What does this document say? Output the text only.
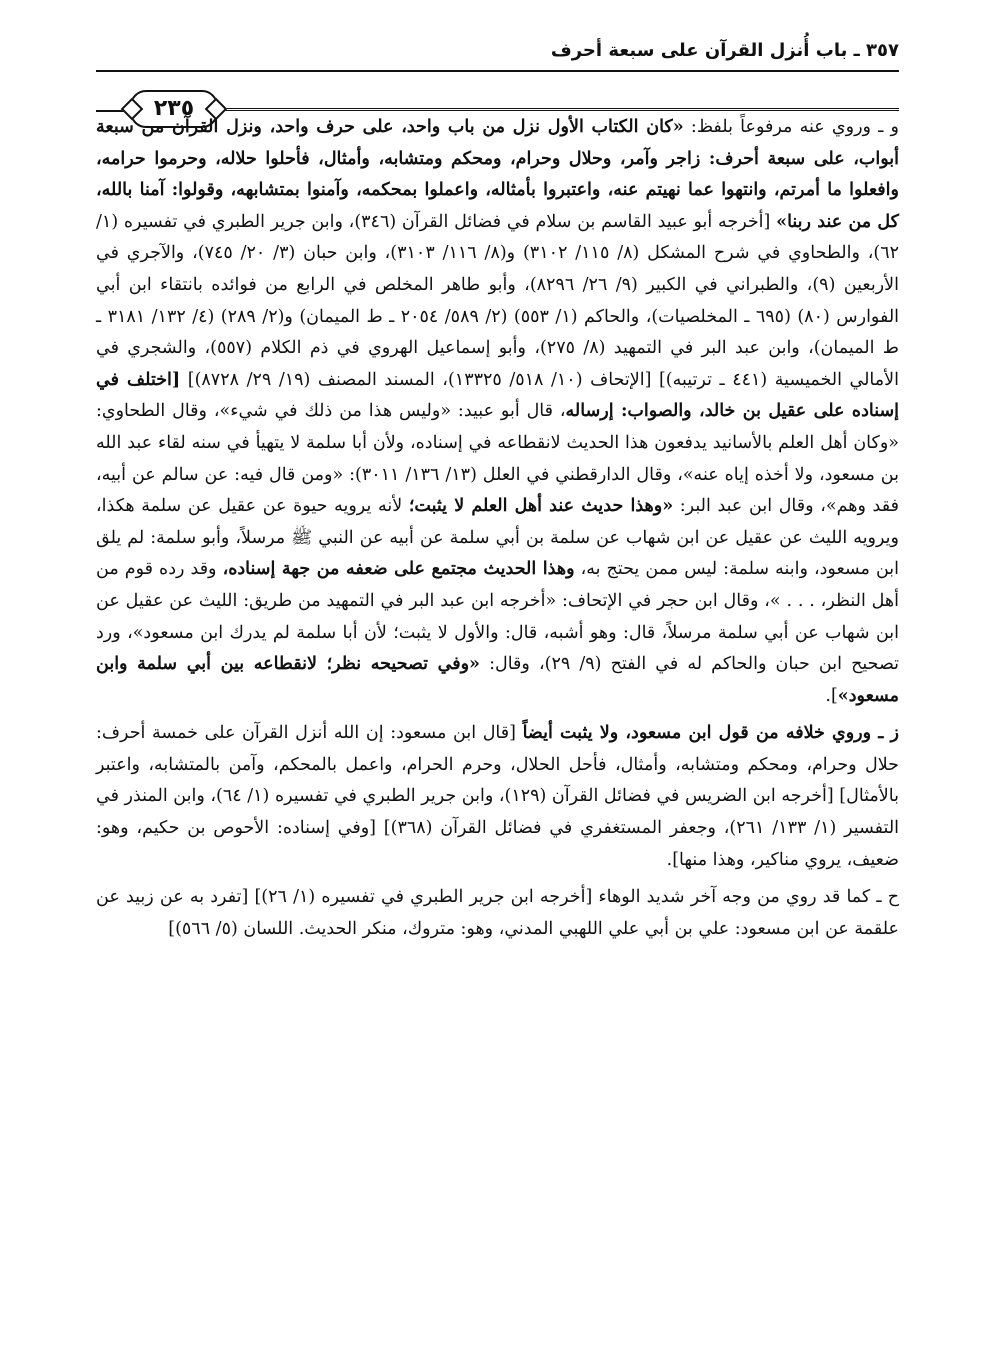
٣٥٧ ـ باب أُنزل القرآن على سبعة أحرف
٢٣٥

و ـ وروي عنه مرفوعاً بلفظ: «كان الكتاب الأول نزل من باب واحد، على حرف واحد، ونزل القرآن من سبعة أبواب، على سبعة أحرف: زاجر وآمر، وحلال وحرام، ومحكم ومتشابه، وأمثال، فأحلوا حلاله، وحرموا حرامه، وافعلوا ما أمرتم، وانتهوا عما نهيتم عنه، واعتبروا بأمثاله، واعملوا بمحكمه، وآمنوا بمتشابهه، وقولوا: آمنا بالله، كل من عند ربنا» [أخرجه أبو عبيد القاسم بن سلام في فضائل القرآن (٣٤٦)، وابن جرير الطبري في تفسيره (١/ ٦٢)، والطحاوي في شرح المشكل (٨/ ١١٥/ ٣١٠٢) و(٨/ ١١٦/ ٣١٠٣)، وابن حبان (٣/ ٢٠/ ٧٤٥)، والآجري في الأربعين (٩)، والطبراني في الكبير (٩/ ٢٦/ ٨٢٩٦)، وأبو طاهر المخلص في الرابع من فوائده بانتقاء ابن أبي الفوارس (٨٠) (٦٩٥ ـ المخلصيات)، والحاكم (١/ ٥٥٣) (٢/ ٥٨٩/ ٢٠٥٤ ـ ط الميمان) و(٢/ ٢٨٩) (٤/ ١٣٢/ ٣١٨١ ـ ط الميمان)، وابن عبد البر في التمهيد (٨/ ٢٧٥)، وأبو إسماعيل الهروي في ذم الكلام (٥٥٧)، والشجري في الأمالي الخميسية (٤٤١ ـ ترتيبه)] [الإتحاف (١٠/ ٥١٨/ ١٣٣٢٥)، المسند المصنف (١٩/ ٢٩/ ٨٧٢٨)] [اختلف في إسناده على عقيل بن خالد، والصواب: إرساله، قال أبو عبيد: «وليس هذا من ذلك في شيء»، وقال الطحاوي: «وكان أهل العلم بالأسانيد يدفعون هذا الحديث لانقطاعه في إسناده، ولأن أبا سلمة لا يتهيأ في سنه لقاء عبد الله بن مسعود، ولا أخذه إياه عنه»، وقال الدارقطني في العلل (١٣/ ١٣٦/ ٣٠١١): «ومن قال فيه: عن سالم عن أبيه، فقد وهم»، وقال ابن عبد البر: «وهذا حديث عند أهل العلم لا يثبت؛ لأنه يرويه حيوة عن عقيل عن سلمة هكذا، ويرويه الليث عن عقيل عن ابن شهاب عن سلمة بن أبي سلمة عن أبيه عن النبي ﷺ مرسلاً، وأبو سلمة: لم يلق ابن مسعود، وابنه سلمة: ليس ممن يحتج به، وهذا الحديث مجتمع على ضعفه من جهة إسناده، وقد رده قوم من أهل النظر، . . . »، وقال ابن حجر في الإتحاف: «أخرجه ابن عبد البر في التمهيد من طريق: الليث عن عقيل عن ابن شهاب عن أبي سلمة مرسلاً، قال: وهو أشبه، قال: والأول لا يثبت؛ لأن أبا سلمة لم يدرك ابن مسعود»، ورد تصحيح ابن حبان والحاكم له في الفتح (٩/ ٢٩)، وقال: «وفي تصحيحه نظر؛ لانقطاعه بين أبي سلمة وابن مسعود»].

ز ـ وروي خلافه من قول ابن مسعود، ولا يثبت أيضاً [قال ابن مسعود: إن الله أنزل القرآن على خمسة أحرف: حلال وحرام، ومحكم ومتشابه، وأمثال، فأحل الحلال، وحرم الحرام، واعمل بالمحكم، وآمن بالمتشابه، واعتبر بالأمثال] [أخرجه ابن الضريس في فضائل القرآن (١٢٩)، وابن جرير الطبري في تفسيره (١/ ٦٤)، وابن المنذر في التفسير (١/ ١٣٣/ ٢٦١)، وجعفر المستغفري في فضائل القرآن (٣٦٨)] [وفي إسناده: الأحوص بن حكيم، وهو: ضعيف، يروي مناكير، وهذا منها].

ح ـ كما قد روي من وجه آخر شديد الوهاء [أخرجه ابن جرير الطبري في تفسيره (١/ ٢٦)] [تفرد به عن زبيد عن علقمة عن ابن مسعود: علي بن أبي علي اللهبي المدني، وهو: متروك، منكر الحديث. اللسان (٥/ ٥٦٦)]
